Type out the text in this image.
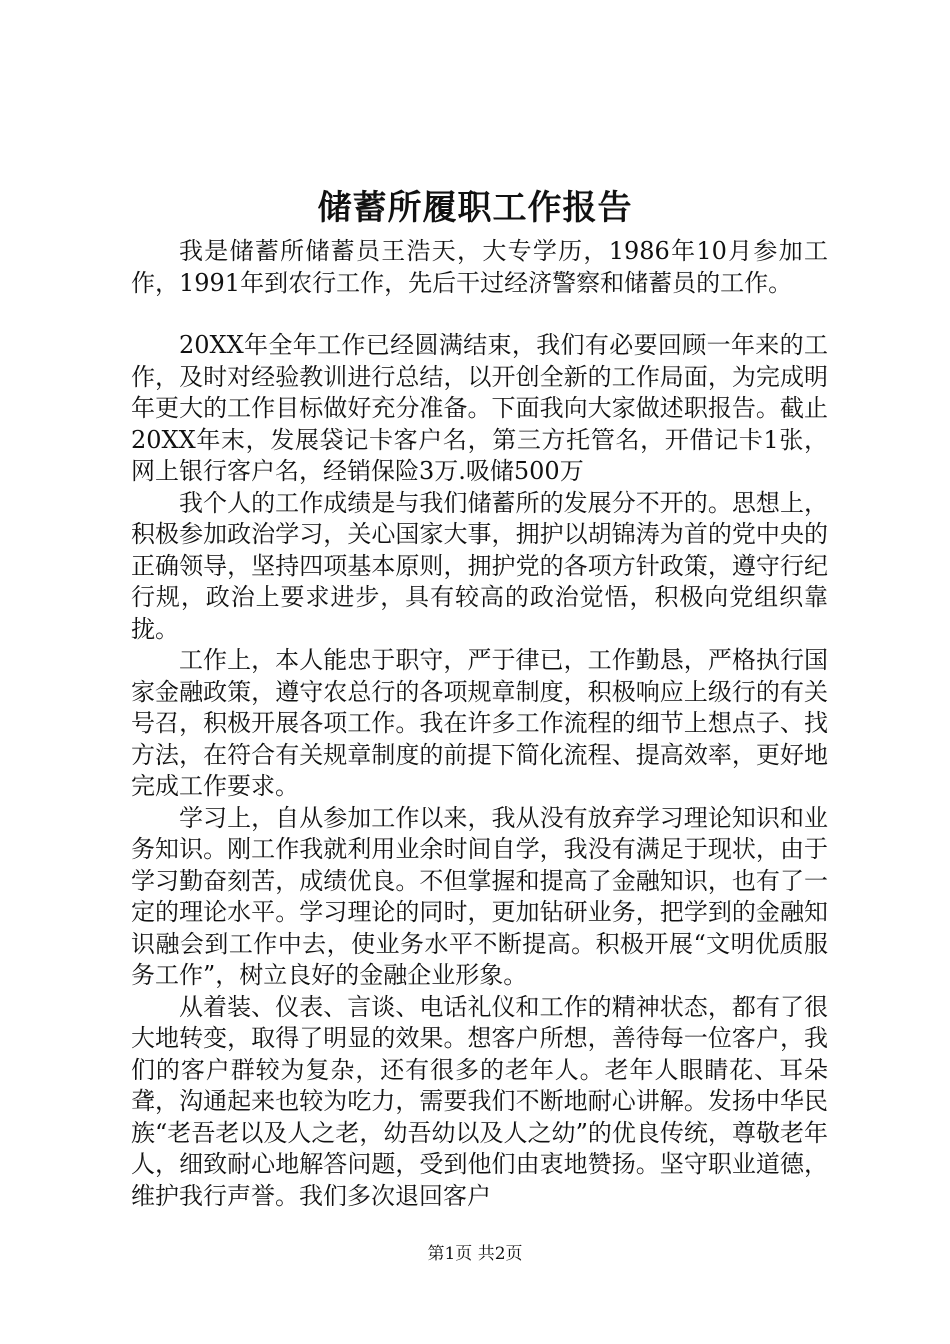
储蓄所履职工作报告

我是储蓄所储蓄员王浩天，大专学历，1986年10月参加工作，1991年到农行工作，先后干过经济警察和储蓄员的工作。

20XX年全年工作已经圆满结束，我们有必要回顾一年来的工作，及时对经验教训进行总结，以开创全新的工作局面，为完成明年更大的工作目标做好充分准备。下面我向大家做述职报告。截止20XX年末，发展袋记卡客户名，第三方托管名，开借记卡1张，网上银行客户名，经销保险3万.吸储500万

我个人的工作成绩是与我们储蓄所的发展分不开的。思想上，积极参加政治学习，关心国家大事，拥护以胡锦涛为首的党中央的正确领导，坚持四项基本原则，拥护党的各项方针政策，遵守行纪行规，政治上要求进步，具有较高的政治觉悟，积极向党组织靠拢。

工作上，本人能忠于职守，严于律已，工作勤恳，严格执行国家金融政策，遵守农总行的各项规章制度，积极响应上级行的有关号召，积极开展各项工作。我在许多工作流程的细节上想点子、找方法，在符合有关规章制度的前提下简化流程、提高效率，更好地完成工作要求。

学习上，自从参加工作以来，我从没有放弃学习理论知识和业务知识。刚工作我就利用业余时间自学，我没有满足于现状，由于学习勤奋刻苦，成绩优良。不但掌握和提高了金融知识，也有了一定的理论水平。学习理论的同时，更加钻研业务，把学到的金融知识融会到工作中去，使业务水平不断提高。积极开展“文明优质服务工作”，树立良好的金融企业形象。

从着装、仪表、言谈、电话礼仪和工作的精神状态，都有了很大地转变，取得了明显的效果。想客户所想，善待每一位客户，我们的客户群较为复杂，还有很多的老年人。老年人眼睛花、耳朵聋，沟通起来也较为吃力，需要我们不断地耐心讲解。发扬中华民族“老吾老以及人之老，幼吾幼以及人之幼”的优良传统，尊敬老年人，细致耐心地解答问题，受到他们由衷地赞扬。坚守职业道德，维护我行声誉。我们多次退回客户

第1页 共2页
